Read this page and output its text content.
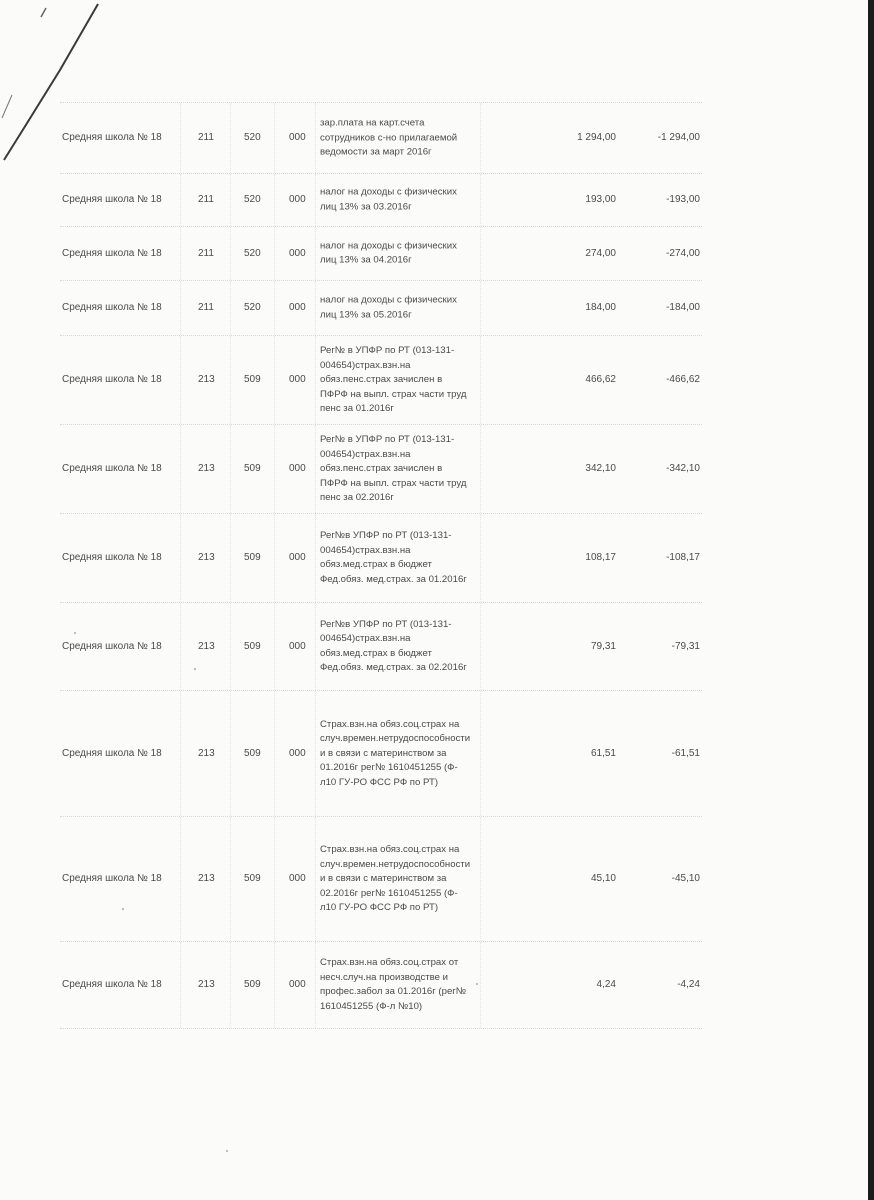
Средняя школа № 18	211	520	000
зар.плата на карт.счета
сотрудников с-но прилагаемой
ведомости за март 2016г
1 294,00	-1 294,00
Средняя школа № 18	211	520	000
налог на доходы с физических
лиц 13% за 03.2016г
193,00	-193,00
Средняя школа № 18	211	520	000
налог на доходы с физических
лиц 13% за 04.2016г
274,00	-274,00
Средняя школа № 18	211	520	000
налог на доходы с физических
лиц 13% за 05.2016г
184,00	-184,00
Средняя школа № 18	213	509	000
Рег№ в УПФР по РТ (013-131-
004654)страх.взн.на
обяз.пенс.страх зачислен в
ПФРФ на выпл. страх части труд
пенс за 01.2016г
466,62	-466,62
Средняя школа № 18	213	509	000
Рег№ в УПФР по РТ (013-131-
004654)страх.взн.на
обяз.пенс.страх зачислен в
ПФРФ на выпл. страх части труд
пенс за 02.2016г
342,10	-342,10
Средняя школа № 18	213	509	000
Рег№в УПФР по РТ (013-131-
004654)страх.взн.на
обяз.мед.страх в бюджет
Фед.обяз. мед.страх. за 01.2016г
108,17	-108,17
Средняя школа № 18	213	509	000
Рег№в УПФР по РТ (013-131-
004654)страх.взн.на
обяз.мед.страх в бюджет
Фед.обяз. мед.страх. за 02.2016г
79,31	-79,31
Средняя школа № 18	213	509	000
Страх.взн.на обяз.соц.страх на
случ.времен.нетрудоспособности
и в связи с материнством за
01.2016г рег№ 1610451255 (Ф-
л10 ГУ-РО ФСС РФ по РТ)
61,51	-61,51
Средняя школа № 18	213	509	000
Страх.взн.на обяз.соц.страх на
случ.времен.нетрудоспособности
и в связи с материнством за
02.2016г рег№ 1610451255 (Ф-
л10 ГУ-РО ФСС РФ по РТ)
45,10	-45,10
Средняя школа № 18	213	509	000
Страх.взн.на обяз.соц.страх от
несч.случ.на производстве и
профес.забол за 01.2016г (рег№
1610451255 (Ф-л №10)
4,24	-4,24
